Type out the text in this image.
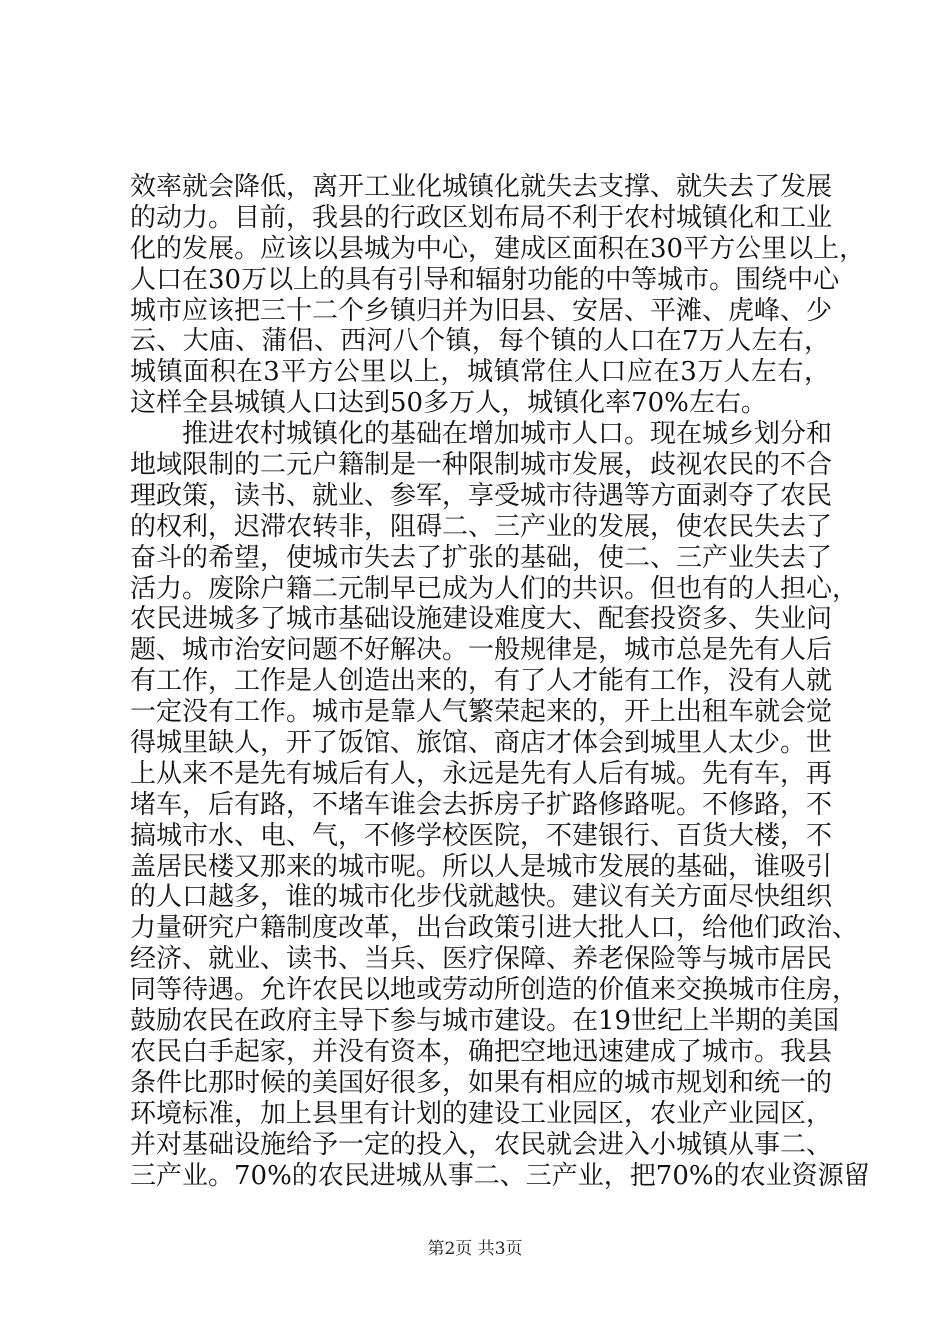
效率就会降低，离开工业化城镇化就失去支撑、就失去了发展
的动力。目前，我县的行政区划布局不利于农村城镇化和工业
化的发展。应该以县城为中心，建成区面积在30平方公里以上，
人口在30万以上的具有引导和辐射功能的中等城市。围绕中心
城市应该把三十二个乡镇归并为旧县、安居、平滩、虎峰、少
云、大庙、蒲侣、西河八个镇，每个镇的人口在7万人左右，
城镇面积在3平方公里以上，城镇常住人口应在3万人左右，
这样全县城镇人口达到50多万人，城镇化率70%左右。
　　推进农村城镇化的基础在增加城市人口。现在城乡划分和
地域限制的二元户籍制是一种限制城市发展，歧视农民的不合
理政策，读书、就业、参军，享受城市待遇等方面剥夺了农民
的权利，迟滞农转非，阻碍二、三产业的发展，使农民失去了
奋斗的希望，使城市失去了扩张的基础，使二、三产业失去了
活力。废除户籍二元制早已成为人们的共识。但也有的人担心，
农民进城多了城市基础设施建设难度大、配套投资多、失业问
题、城市治安问题不好解决。一般规律是，城市总是先有人后
有工作，工作是人创造出来的，有了人才能有工作，没有人就
一定没有工作。城市是靠人气繁荣起来的，开上出租车就会觉
得城里缺人，开了饭馆、旅馆、商店才体会到城里人太少。世
上从来不是先有城后有人，永远是先有人后有城。先有车，再
堵车，后有路，不堵车谁会去拆房子扩路修路呢。不修路，不
搞城市水、电、气，不修学校医院，不建银行、百货大楼，不
盖居民楼又那来的城市呢。所以人是城市发展的基础，谁吸引
的人口越多，谁的城市化步伐就越快。建议有关方面尽快组织
力量研究户籍制度改革，出台政策引进大批人口，给他们政治、
经济、就业、读书、当兵、医疗保障、养老保险等与城市居民
同等待遇。允许农民以地或劳动所创造的价值来交换城市住房，
鼓励农民在政府主导下参与城市建设。在19世纪上半期的美国
农民白手起家，并没有资本，确把空地迅速建成了城市。我县
条件比那时候的美国好很多，如果有相应的城市规划和统一的
环境标准，加上县里有计划的建设工业园区，农业产业园区，
并对基础设施给予一定的投入，农民就会进入小城镇从事二、
三产业。70%的农民进城从事二、三产业，把70%的农业资源留
第2页 共3页
